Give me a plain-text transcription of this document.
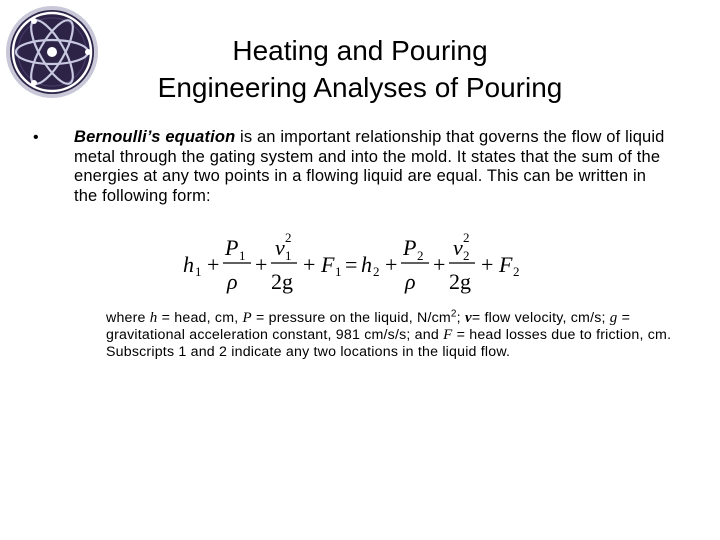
Heating and Pouring
Engineering Analyses of Pouring
• Bernoulli’s equation is an important relationship that governs the flow of liquid metal through the gating system and into the mold. It states that the sum of the energies at any two points in a flowing liquid are equal. This can be written in the following form:
h 1 +
P 1
ρ
+
v 2
1
2g
+ F 1 = h 2 +
P 2
ρ
+
v 2
2
2g
+ F 2
where h = head, cm, P = pressure on the liquid, $N/cm^2$; v= flow velocity, cm/s; g = gravitational acceleration constant, 981 cm/s/s; and F = head losses due to friction, cm. Subscripts 1 and 2 indicate any two locations in the liquid flow.
